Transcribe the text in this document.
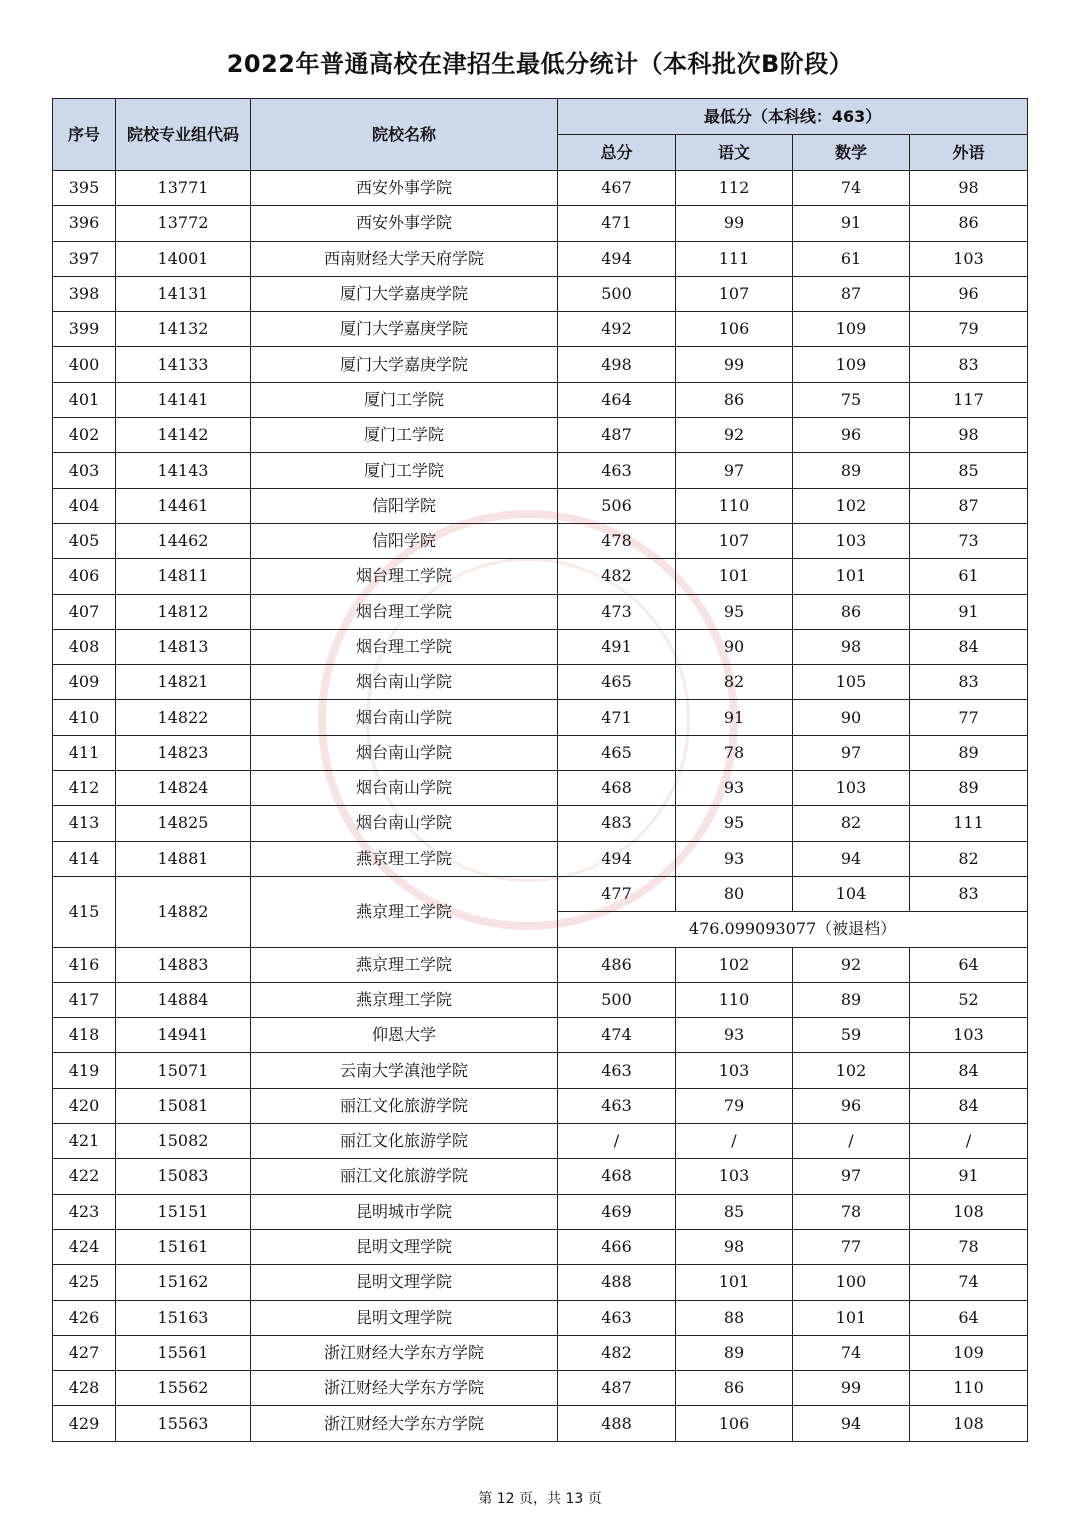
2022年普通高校在津招生最低分统计（本科批次B阶段）
序号	院校专业组代码	院校名称	最低分（本科线：463）			
			总分	语文	数学	外语
395	13771	西安外事学院	467	112	74	98
396	13772	西安外事学院	471	99	91	86
397	14001	西南财经大学天府学院	494	111	61	103
398	14131	厦门大学嘉庚学院	500	107	87	96
399	14132	厦门大学嘉庚学院	492	106	109	79
400	14133	厦门大学嘉庚学院	498	99	109	83
401	14141	厦门工学院	464	86	75	117
402	14142	厦门工学院	487	92	96	98
403	14143	厦门工学院	463	97	89	85
404	14461	信阳学院	506	110	102	87
405	14462	信阳学院	478	107	103	73
406	14811	烟台理工学院	482	101	101	61
407	14812	烟台理工学院	473	95	86	91
408	14813	烟台理工学院	491	90	98	84
409	14821	烟台南山学院	465	82	105	83
410	14822	烟台南山学院	471	91	90	77
411	14823	烟台南山学院	465	78	97	89
412	14824	烟台南山学院	468	93	103	89
413	14825	烟台南山学院	483	95	82	111
414	14881	燕京理工学院	494	93	94	82
415	14882	燕京理工学院	477	80	104	83
			476.099093077（被退档）			
416	14883	燕京理工学院	486	102	92	64
417	14884	燕京理工学院	500	110	89	52
418	14941	仰恩大学	474	93	59	103
419	15071	云南大学滇池学院	463	103	102	84
420	15081	丽江文化旅游学院	463	79	96	84
421	15082	丽江文化旅游学院	/	/	/	/
422	15083	丽江文化旅游学院	468	103	97	91
423	15151	昆明城市学院	469	85	78	108
424	15161	昆明文理学院	466	98	77	78
425	15162	昆明文理学院	488	101	100	74
426	15163	昆明文理学院	463	88	101	64
427	15561	浙江财经大学东方学院	482	89	74	109
428	15562	浙江财经大学东方学院	487	86	99	110
429	15563	浙江财经大学东方学院	488	106	94	108
第 12 页，共 13 页
